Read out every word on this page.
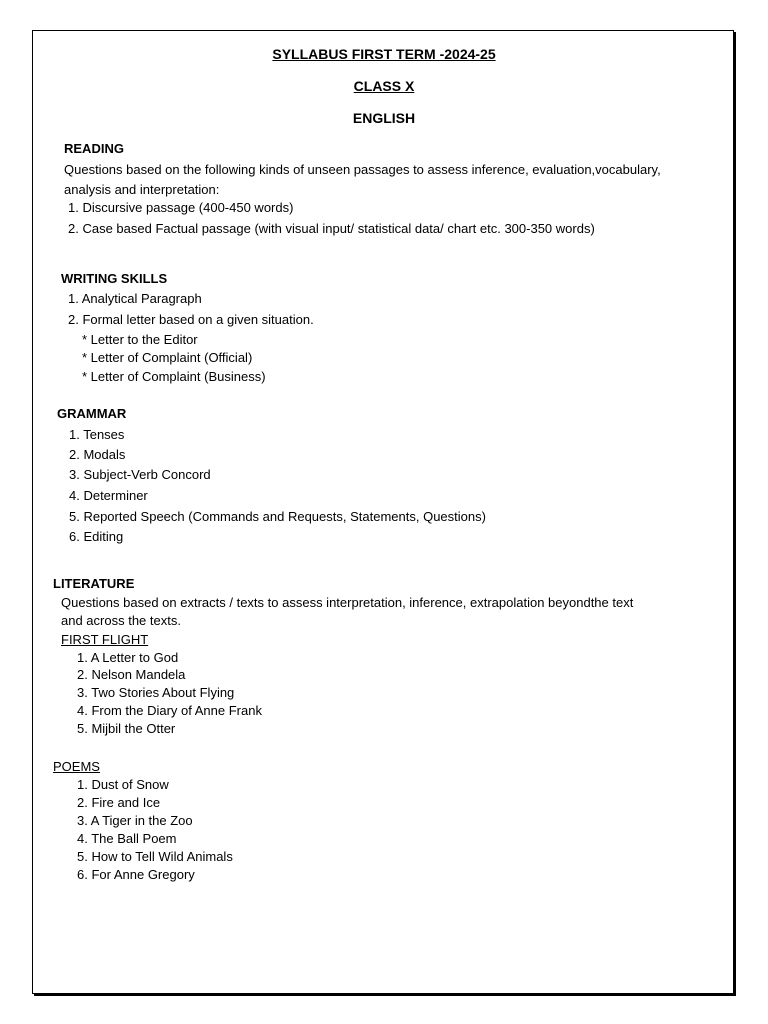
SYLLABUS FIRST TERM -2024-25
CLASS X
ENGLISH
READING
Questions based on the following kinds of unseen passages to assess inference, evaluation,vocabulary,
analysis and interpretation:
1. Discursive passage (400-450 words)
2. Case based Factual passage (with visual input/ statistical data/ chart etc. 300-350 words)
WRITING SKILLS
1. Analytical Paragraph
2. Formal letter based on a given situation.
* Letter to the Editor
* Letter of Complaint (Official)
* Letter of Complaint (Business)
GRAMMAR
1. Tenses
2. Modals
3. Subject-Verb Concord
4. Determiner
5. Reported Speech (Commands and Requests, Statements, Questions)
6. Editing
LITERATURE
Questions based on extracts / texts to assess interpretation, inference, extrapolation beyondthe text
and across the texts.
FIRST FLIGHT
1. A Letter to God
2. Nelson Mandela
3. Two Stories About Flying
4. From the Diary of Anne Frank
5. Mijbil the Otter
POEMS
1. Dust of Snow
2. Fire and Ice
3. A Tiger in the Zoo
4. The Ball Poem
5. How to Tell Wild Animals
6. For Anne Gregory
